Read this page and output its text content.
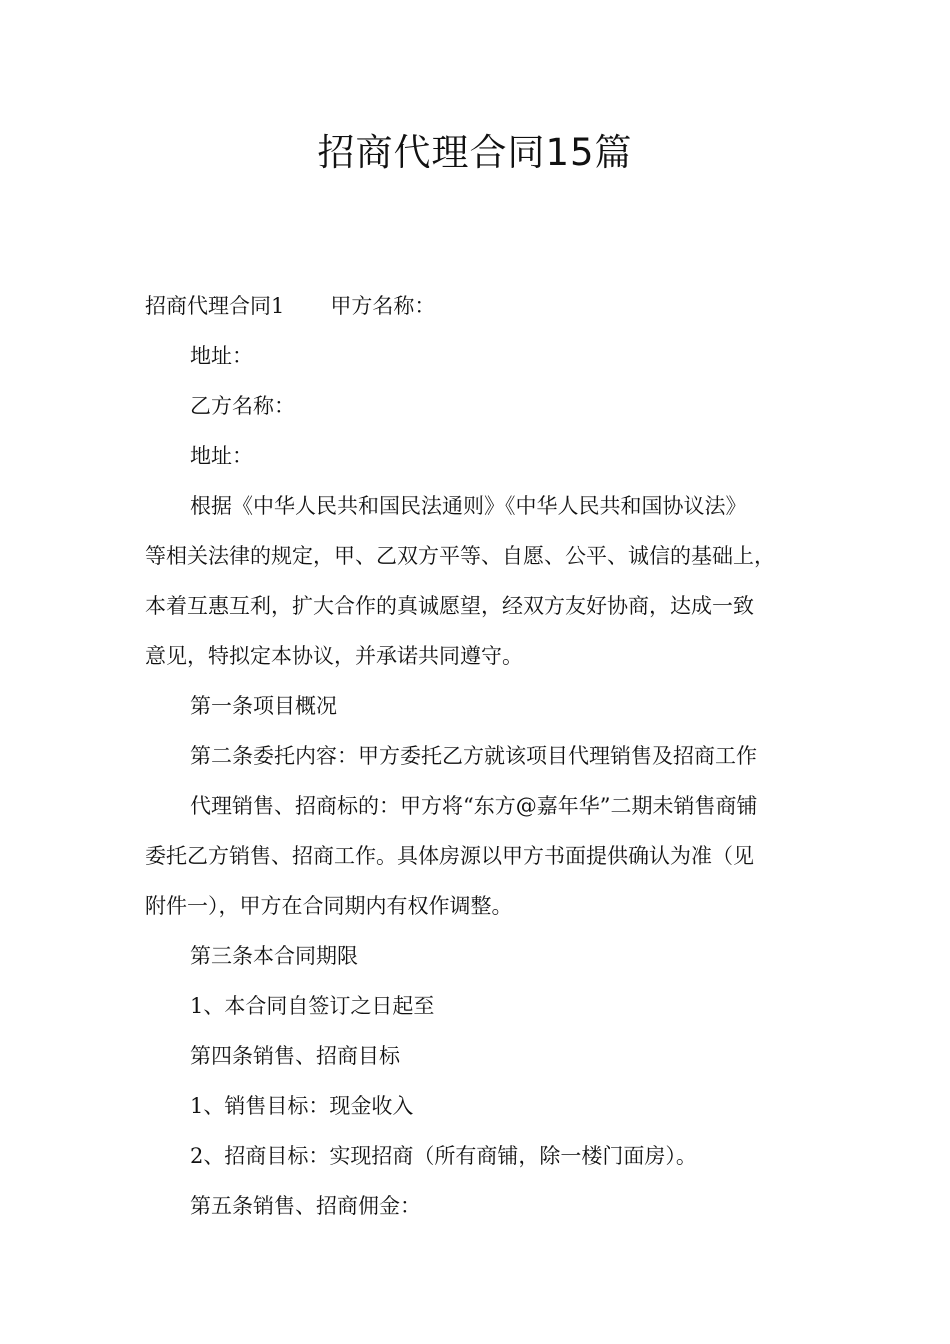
招商代理合同15篇

招商代理合同1 甲方名称：

地址：

乙方名称：

地址：

根据《中华人民共和国民法通则》《中华人民共和国协议法》

等相关法律的规定，甲、乙双方平等、自愿、公平、诚信的基础上，

本着互惠互利，扩大合作的真诚愿望，经双方友好协商，达成一致

意见，特拟定本协议，并承诺共同遵守。

第一条项目概况

第二条委托内容：甲方委托乙方就该项目代理销售及招商工作

代理销售、招商标的：甲方将“东方@嘉年华”二期未销售商铺

委托乙方销售、招商工作。具体房源以甲方书面提供确认为准（见

附件一），甲方在合同期内有权作调整。

第三条本合同期限

1、本合同自签订之日起至

第四条销售、招商目标

1、销售目标：现金收入

2、招商目标：实现招商（所有商铺，除一楼门面房）。

第五条销售、招商佣金：
